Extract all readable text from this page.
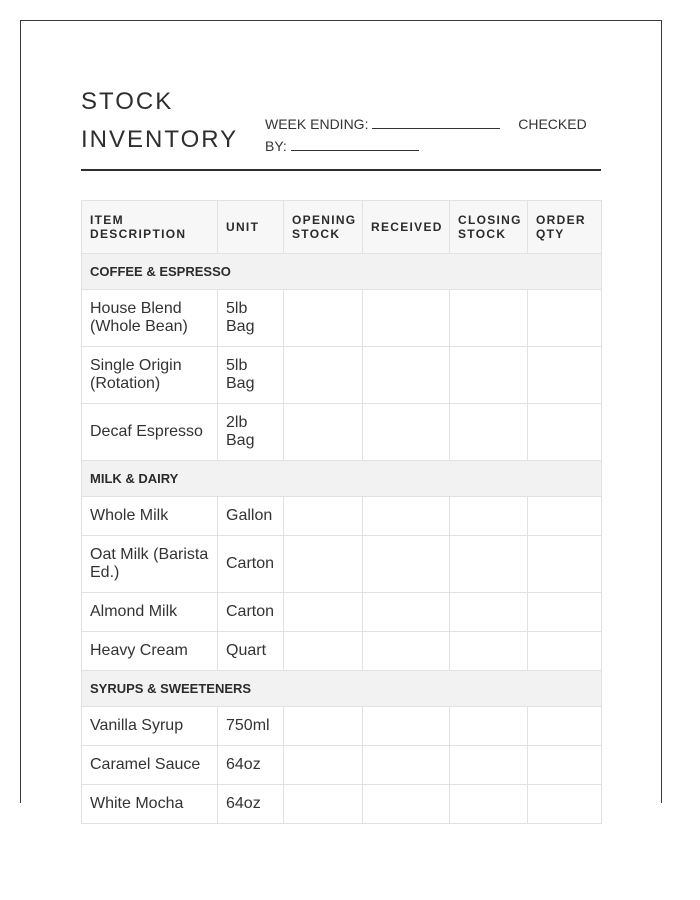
STOCK
INVENTORY
WEEK ENDING:	CHECKED BY:
ITEM DESCRIPTION	UNIT	OPENING STOCK	RECEIVED	CLOSING STOCK	ORDER QTY
COFFEE & ESPRESSO					
House Blend (Whole Bean)	5lb Bag				
Single Origin (Rotation)	5lb Bag				
Decaf Espresso	2lb Bag				
MILK & DAIRY					
Whole Milk	Gallon				
Oat Milk (Barista Ed.)	Carton				
Almond Milk	Carton				
Heavy Cream	Quart				
SYRUPS & SWEETENERS					
Vanilla Syrup	750ml				
Caramel Sauce	64oz				
White Mocha	64oz				
